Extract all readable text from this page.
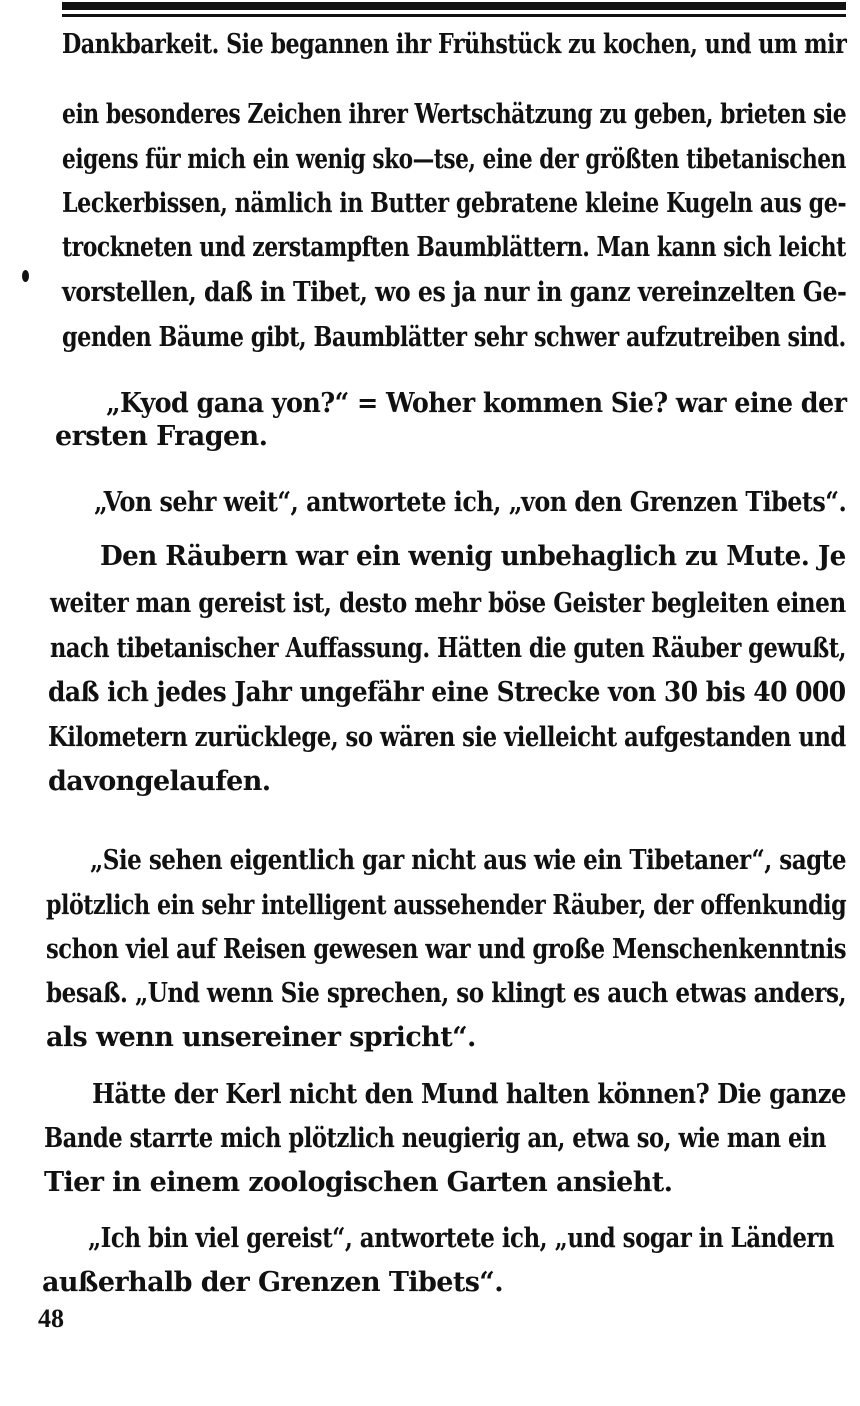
Dankbarkeit. Sie begannen ihr Frühstück zu kochen, und um mir
ein besonderes Zeichen ihrer Wertschätzung zu geben, brieten sie
eigens für mich ein wenig sko—tse, eine der größten tibetanischen
Leckerbissen, nämlich in Butter gebratene kleine Kugeln aus ge-
trockneten und zerstampften Baumblättern. Man kann sich leicht
vorstellen, daß in Tibet, wo es ja nur in ganz vereinzelten Ge-
genden Bäume gibt, Baumblätter sehr schwer aufzutreiben sind.
„Kyod gana yon?“ = Woher kommen Sie? war eine der
ersten Fragen.
„Von sehr weit“, antwortete ich, „von den Grenzen Tibets“.
Den Räubern war ein wenig unbehaglich zu Mute. Je
weiter man gereist ist, desto mehr böse Geister begleiten einen
nach tibetanischer Auffassung. Hätten die guten Räuber gewußt,
daß ich jedes Jahr ungefähr eine Strecke von 30 bis 40 000
Kilometern zurücklege, so wären sie vielleicht aufgestanden und
davongelaufen.
„Sie sehen eigentlich gar nicht aus wie ein Tibetaner“, sagte
plötzlich ein sehr intelligent aussehender Räuber, der offenkundig
schon viel auf Reisen gewesen war und große Menschenkenntnis
besaß. „Und wenn Sie sprechen, so klingt es auch etwas anders,
als wenn unsereiner spricht“.
Hätte der Kerl nicht den Mund halten können? Die ganze
Bande starrte mich plötzlich neugierig an, etwa so, wie man ein
Tier in einem zoologischen Garten ansieht.
„Ich bin viel gereist“, antwortete ich, „und sogar in Ländern
außerhalb der Grenzen Tibets“.
48
